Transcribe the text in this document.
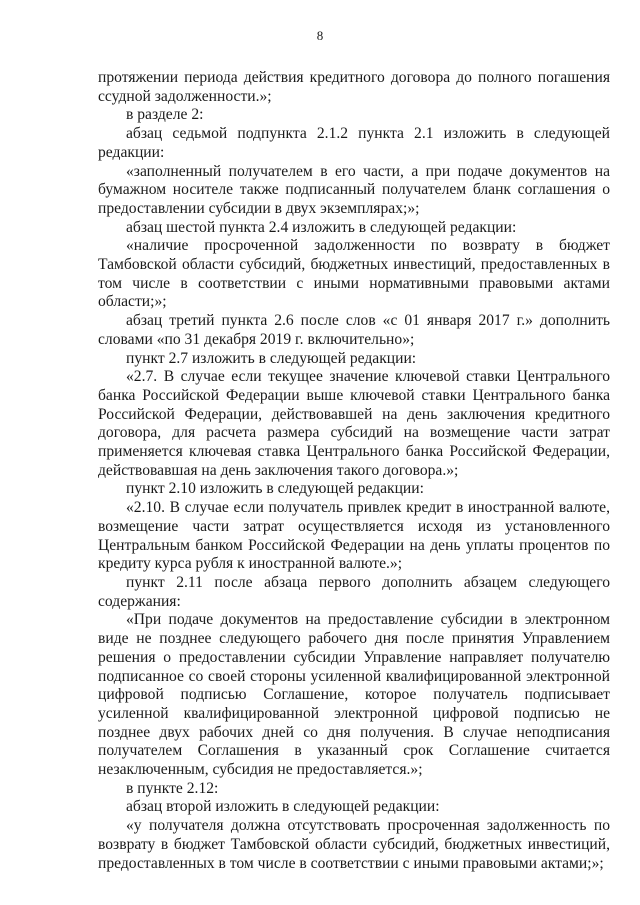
8

протяжении периода действия кредитного договора до полного погашения ссудной задолженности.»;

в разделе 2:

абзац седьмой подпункта 2.1.2 пункта 2.1 изложить в следующей редакции:

«заполненный получателем в его части, а при подаче документов на бумажном носителе также подписанный получателем бланк соглашения о предоставлении субсидии в двух экземплярах;»;

абзац шестой пункта 2.4 изложить в следующей редакции:

«наличие просроченной задолженности по возврату в бюджет Тамбовской области субсидий, бюджетных инвестиций, предоставленных в том числе в соответствии с иными нормативными правовыми актами области;»;

абзац третий пункта 2.6 после слов «с 01 января 2017 г.» дополнить словами «по 31 декабря 2019 г. включительно»;

пункт 2.7 изложить в следующей редакции:

«2.7. В случае если текущее значение ключевой ставки Центрального банка Российской Федерации выше ключевой ставки Центрального банка Российской Федерации, действовавшей на день заключения кредитного договора, для расчета размера субсидий на возмещение части затрат применяется ключевая ставка Центрального банка Российской Федерации, действовавшая на день заключения такого договора.»;

пункт 2.10 изложить в следующей редакции:

«2.10. В случае если получатель привлек кредит в иностранной валюте, возмещение части затрат осуществляется исходя из установленного Центральным банком Российской Федерации на день уплаты процентов по кредиту курса рубля к иностранной валюте.»;

пункт 2.11 после абзаца первого дополнить абзацем следующего содержания:

«При подаче документов на предоставление субсидии в электронном виде не позднее следующего рабочего дня после принятия Управлением решения о предоставлении субсидии Управление направляет получателю подписанное со своей стороны усиленной квалифицированной электронной цифровой подписью Соглашение, которое получатель подписывает усиленной квалифицированной электронной цифровой подписью не позднее двух рабочих дней со дня получения. В случае неподписания получателем Соглашения в указанный срок Соглашение считается незаключенным, субсидия не предоставляется.»;

в пункте 2.12:

абзац второй изложить в следующей редакции:

«у получателя должна отсутствовать просроченная задолженность по возврату в бюджет Тамбовской области субсидий, бюджетных инвестиций, предоставленных в том числе в соответствии с иными правовыми актами;»;
